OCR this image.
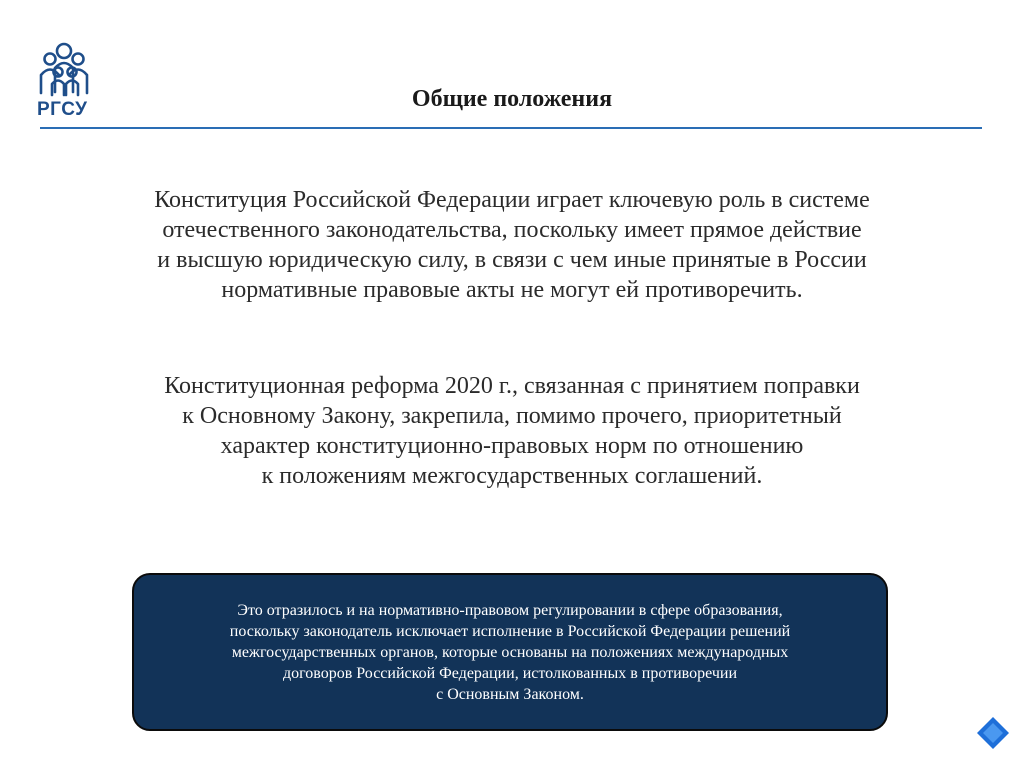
РГСУ	Общие положения

Конституция Российской Федерации играет ключевую роль в системе
отечественного законодательства, поскольку имеет прямое действие
и высшую юридическую силу, в связи с чем иные принятые в России
нормативные правовые акты не могут ей противоречить.

Конституционная реформа 2020 г., связанная с принятием поправки
к Основному Закону, закрепила, помимо прочего, приоритетный
характер конституционно-правовых норм по отношению
к положениям межгосударственных соглашений.

Это отразилось и на нормативно-правовом регулировании в сфере образования,
поскольку законодатель исключает исполнение в Российской Федерации решений
межгосударственных органов, которые основаны на положениях международных
договоров Российской Федерации, истолкованных в противоречии
с Основным Законом.
